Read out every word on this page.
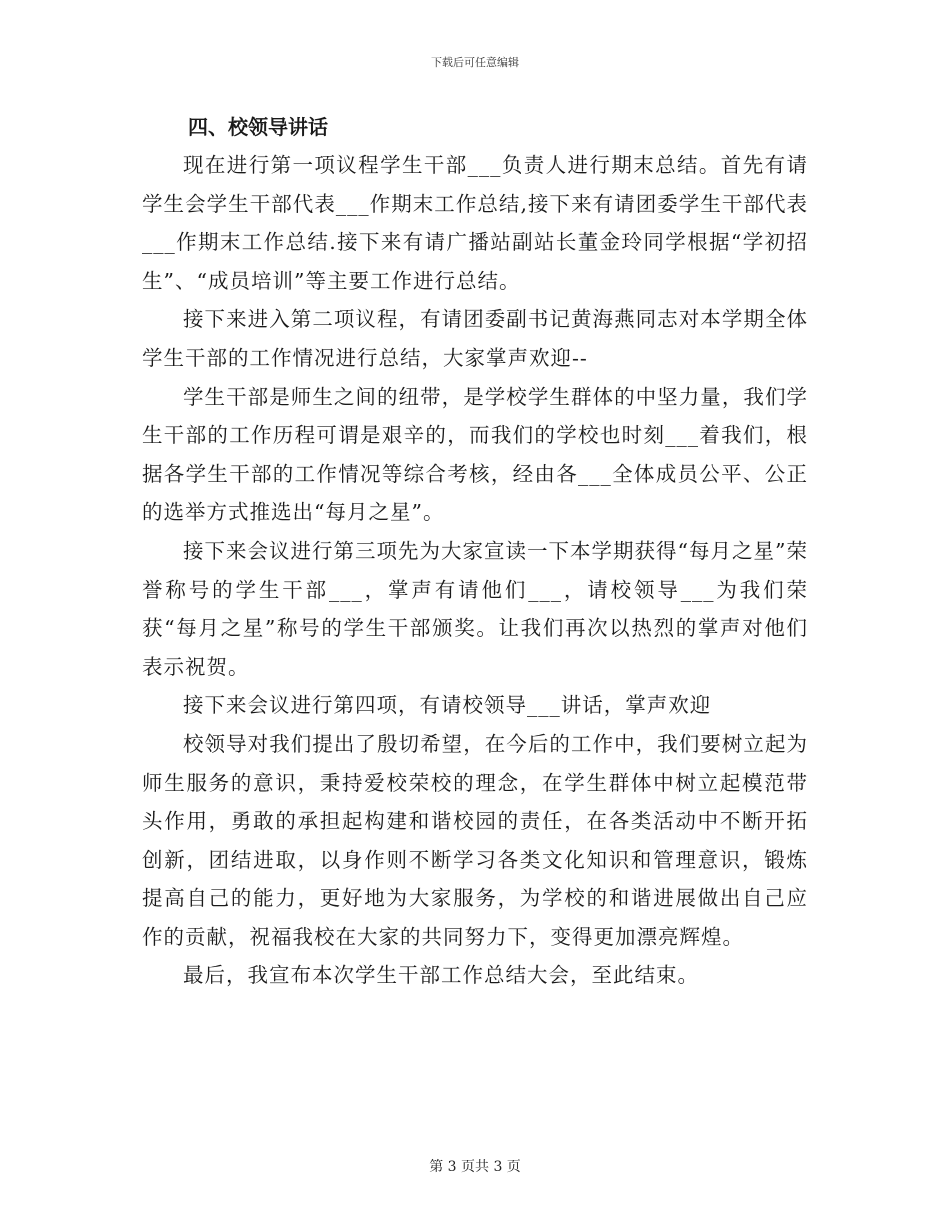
下载后可任意编辑

四、校领导讲话

现在进行第一项议程学生干部___负责人进行期末总结。首先有请学生会学生干部代表___作期末工作总结,接下来有请团委学生干部代表___作期末工作总结.接下来有请广播站副站长董金玲同学根据“学初招生”、“成员培训”等主要工作进行总结。

接下来进入第二项议程，有请团委副书记黄海燕同志对本学期全体学生干部的工作情况进行总结，大家掌声欢迎--

学生干部是师生之间的纽带，是学校学生群体的中坚力量，我们学生干部的工作历程可谓是艰辛的，而我们的学校也时刻___着我们，根据各学生干部的工作情况等综合考核，经由各___全体成员公平、公正的选举方式推选出“每月之星”。

接下来会议进行第三项先为大家宣读一下本学期获得“每月之星”荣誉称号的学生干部___，掌声有请他们___，请校领导___为我们荣获“每月之星”称号的学生干部颁奖。让我们再次以热烈的掌声对他们表示祝贺。

接下来会议进行第四项，有请校领导___讲话，掌声欢迎

校领导对我们提出了殷切希望，在今后的工作中，我们要树立起为师生服务的意识，秉持爱校荣校的理念，在学生群体中树立起模范带头作用，勇敢的承担起构建和谐校园的责任，在各类活动中不断开拓创新，团结进取，以身作则不断学习各类文化知识和管理意识，锻炼提高自己的能力，更好地为大家服务，为学校的和谐进展做出自己应作的贡献，祝福我校在大家的共同努力下，变得更加漂亮辉煌。

最后，我宣布本次学生干部工作总结大会，至此结束。

第 3 页共 3 页
